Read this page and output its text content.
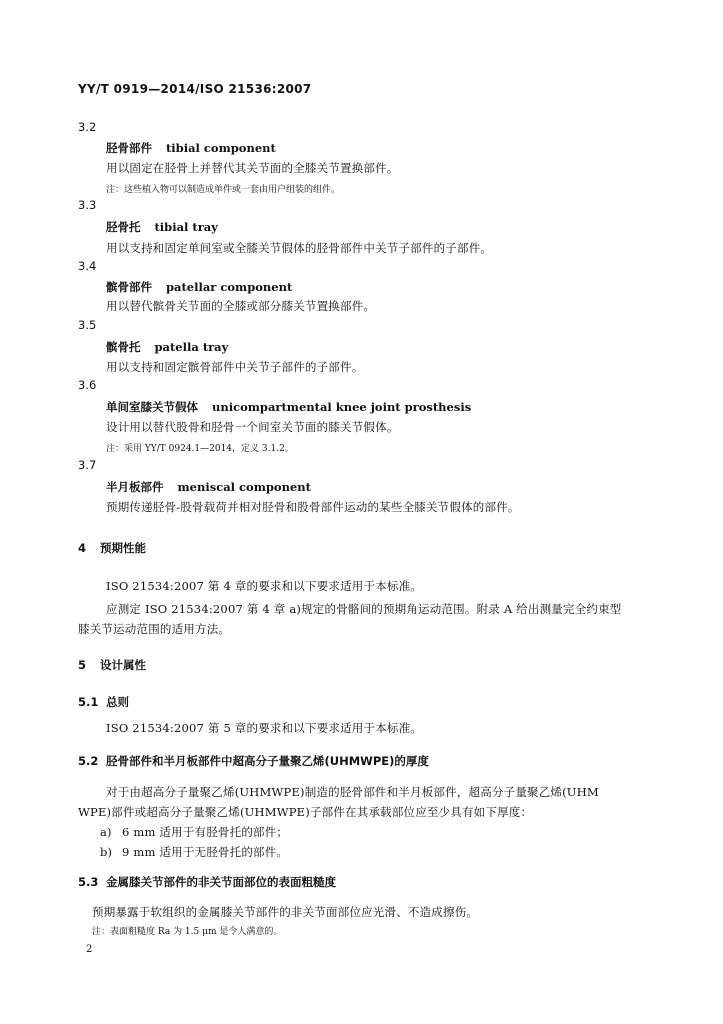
YY/T 0919—2014/ISO 21536:2007
3.2
胫骨部件 tibial component
用以固定在胫骨上并替代其关节面的全膝关节置换部件。
注：这些植入物可以制造成单件或一套由用户组装的组件。
3.3
胫骨托 tibial tray
用以支持和固定单间室或全膝关节假体的胫骨部件中关节子部件的子部件。
3.4
髌骨部件 patellar component
用以替代髌骨关节面的全膝或部分膝关节置换部件。
3.5
髌骨托 patella tray
用以支持和固定髌骨部件中关节子部件的子部件。
3.6
单间室膝关节假体 unicompartmental knee joint prosthesis
设计用以替代股骨和胫骨一个间室关节面的膝关节假体。
注：采用 YY/T 0924.1—2014，定义 3.1.2。
3.7
半月板部件 meniscal component
预期传递胫骨-股骨载荷并相对胫骨和股骨部件运动的某些全膝关节假体的部件。
4 预期性能
ISO 21534:2007 第 4 章的要求和以下要求适用于本标准。
应测定 ISO 21534:2007 第 4 章 a)规定的骨骼间的预期角运动范围。附录 A 给出测量完全约束型
膝关节运动范围的适用方法。
5 设计属性
5.1 总则
ISO 21534:2007 第 5 章的要求和以下要求适用于本标准。
5.2 胫骨部件和半月板部件中超高分子量聚乙烯(UHMWPE)的厚度
对于由超高分子量聚乙烯(UHMWPE)制造的胫骨部件和半月板部件，超高分子量聚乙烯(UHM
WPE)部件或超高分子量聚乙烯(UHMWPE)子部件在其承载部位应至少具有如下厚度：
a) 6 mm 适用于有胫骨托的部件；
b) 9 mm 适用于无胫骨托的部件。
5.3 金属膝关节部件的非关节面部位的表面粗糙度
预期暴露于软组织的金属膝关节部件的非关节面部位应光滑、不造成擦伤。
注：表面粗糙度 Ra 为 1.5 μm 是令人满意的。
2
